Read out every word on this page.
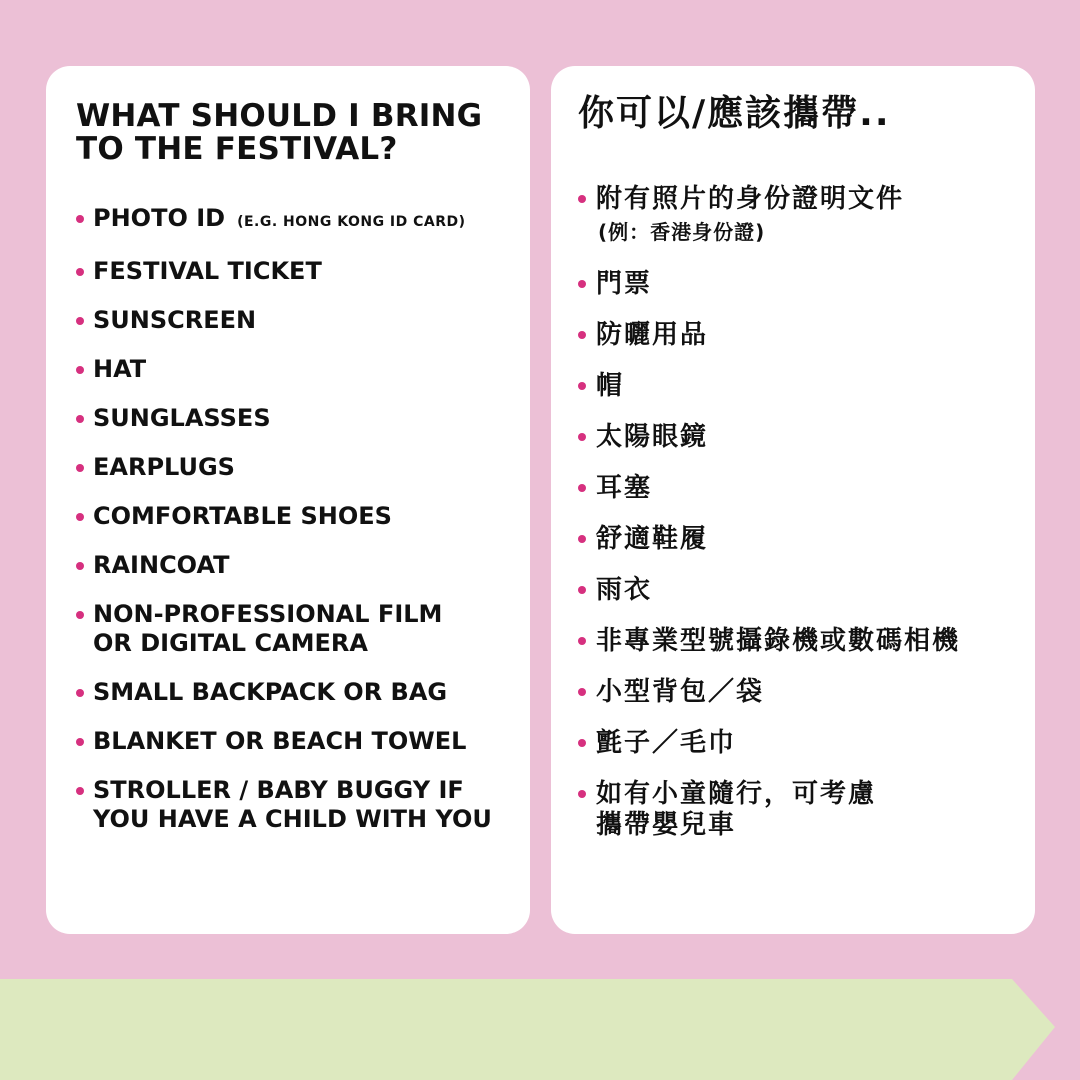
WHAT SHOULD I BRING
TO THE FESTIVAL?
PHOTO ID (E.G. HONG KONG ID CARD)
FESTIVAL TICKET
SUNSCREEN
HAT
SUNGLASSES
EARPLUGS
COMFORTABLE SHOES
RAINCOAT
NON-PROFESSIONAL FILM
OR DIGITAL CAMERA
SMALL BACKPACK OR BAG
BLANKET OR BEACH TOWEL
STROLLER / BABY BUGGY IF
YOU HAVE A CHILD WITH YOU
你可以/應該攜帶..
附有照片的身份證明文件
(例：香港身份證)
門票
防曬用品
帽
太陽眼鏡
耳塞
舒適鞋履
雨衣
非專業型號攝錄機或數碼相機
小型背包／袋
氈子／毛巾
如有小童隨行，可考慮
攜帶嬰兒車
